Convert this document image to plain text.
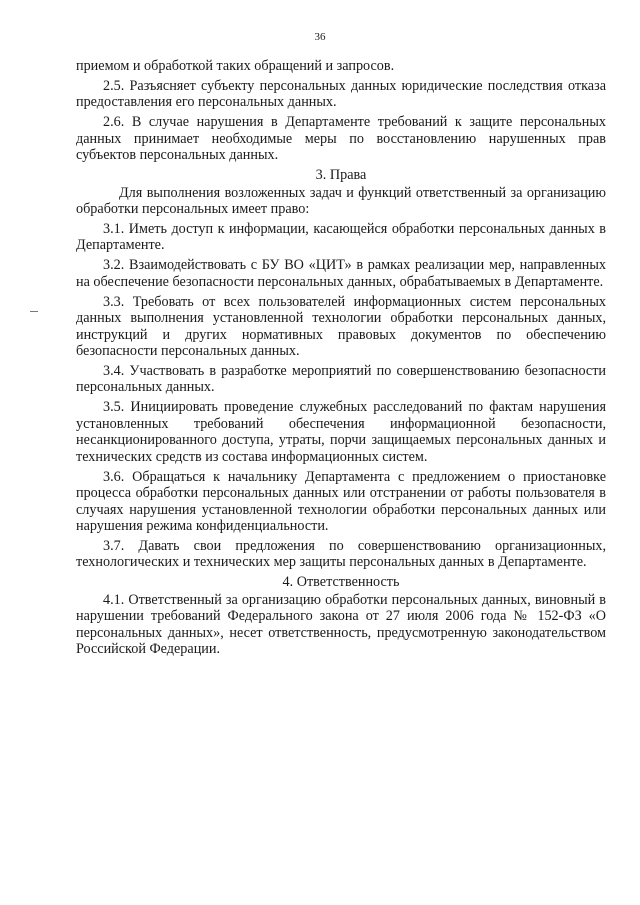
36

приемом и обработкой таких обращений и запросов.

2.5. Разъясняет субъекту персональных данных юридические последствия отказа предоставления его персональных данных.

2.6. В случае нарушения в Департаменте требований к защите персональных данных принимает необходимые меры по восстановлению нарушенных прав субъектов персональных данных.

3. Права

Для выполнения возложенных задач и функций ответственный за организацию обработки персональных имеет право:

3.1. Иметь доступ к информации, касающейся обработки персональных данных в Департаменте.

3.2. Взаимодействовать с БУ ВО «ЦИТ» в рамках реализации мер, направленных на обеспечение безопасности персональных данных, обрабатываемых в Департаменте.

3.3. Требовать от всех пользователей информационных систем персональных данных выполнения установленной технологии обработки персональных данных, инструкций и других нормативных правовых документов по обеспечению безопасности персональных данных.

3.4. Участвовать в разработке мероприятий по совершенствованию безопасности персональных данных.

3.5. Инициировать проведение служебных расследований по фактам нарушения установленных требований обеспечения информационной безопасности, несанкционированного доступа, утраты, порчи защищаемых персональных данных и технических средств из состава информационных систем.

3.6. Обращаться к начальнику Департамента с предложением о приостановке процесса обработки персональных данных или отстранении от работы пользователя в случаях нарушения установленной технологии обработки персональных данных или нарушения режима конфиденциальности.

3.7. Давать свои предложения по совершенствованию организационных, технологических и технических мер защиты персональных данных в Департаменте.

4. Ответственность

4.1. Ответственный за организацию обработки персональных данных, виновный в нарушении требований Федерального закона от 27 июля 2006 года № 152-ФЗ «О персональных данных», несет ответственность, предусмотренную законодательством Российской Федерации.
